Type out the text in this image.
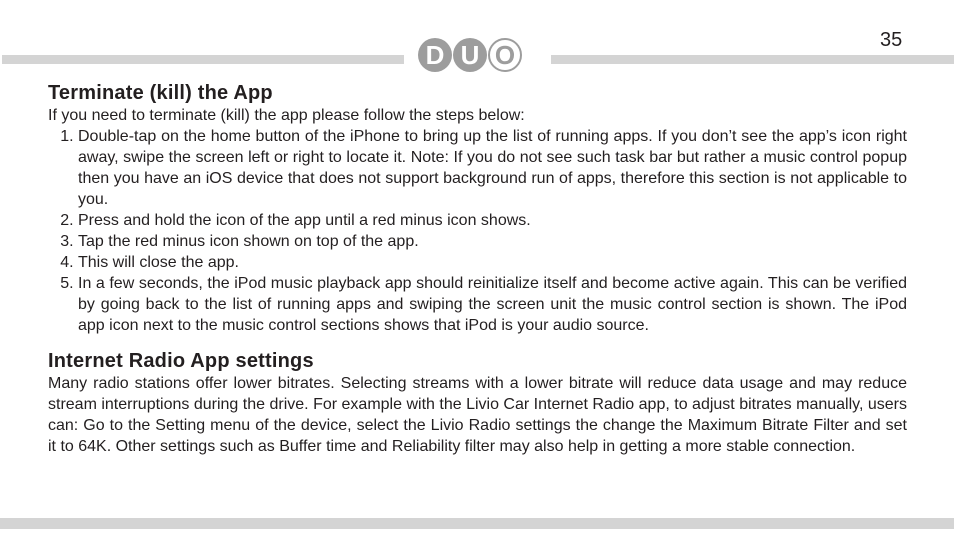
D U O	35
Terminate (kill) the App

If you need to terminate (kill) the app please follow the steps below:

1. Double-tap on the home button of the iPhone to bring up the list of running apps. If you don’t see the app’s icon right away, swipe the screen left or right to locate it. Note: If you do not see such task bar but rather a music control popup then you have an iOS device that does not support background run of apps, therefore this section is not applicable to you.
2. Press and hold the icon of the app until a red minus icon shows.
3. Tap the red minus icon shown on top of the app.
4. This will close the app.
5. In a few seconds, the iPod music playback app should reinitialize itself and become active again. This can be verified by going back to the list of running apps and swiping the screen unit the music control section is shown. The iPod app icon next to the music control sections shows that iPod is your audio source.
Internet Radio App settings

Many radio stations offer lower bitrates. Selecting streams with a lower bitrate will reduce data usage and may reduce stream interruptions during the drive. For example with the Livio Car Internet Radio app, to adjust bitrates manually, users can: Go to the Setting menu of the device, select the Livio Radio settings the change the Maximum Bitrate Filter and set it to 64K. Other settings such as Buffer time and Reliability filter may also help in getting a more stable connection.
